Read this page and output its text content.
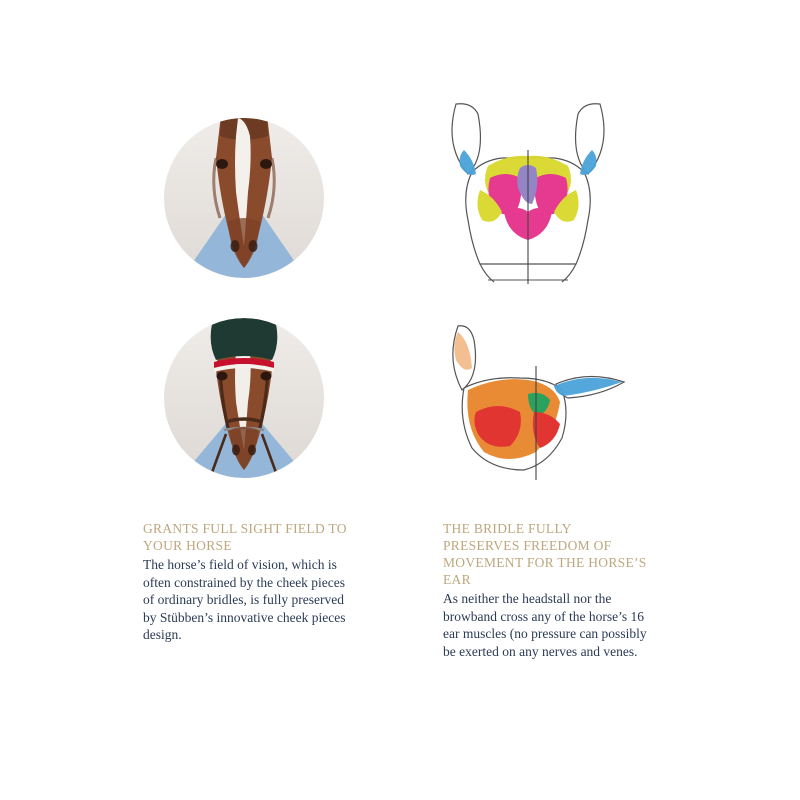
GRANTS FULL SIGHT FIELD TO YOUR HORSE

The horse’s field of vision, which is often constrained by the cheek pieces of ordinary bridles, is fully preserved by Stübben’s innovative cheek pieces design.

THE BRIDLE FULLY PRESERVES FREEDOM OF MOVEMENT FOR THE HORSE’S EAR

As neither the headstall nor the browband cross any of the horse’s 16 ear muscles (no pressure can possibly be exerted on any nerves and venes.
